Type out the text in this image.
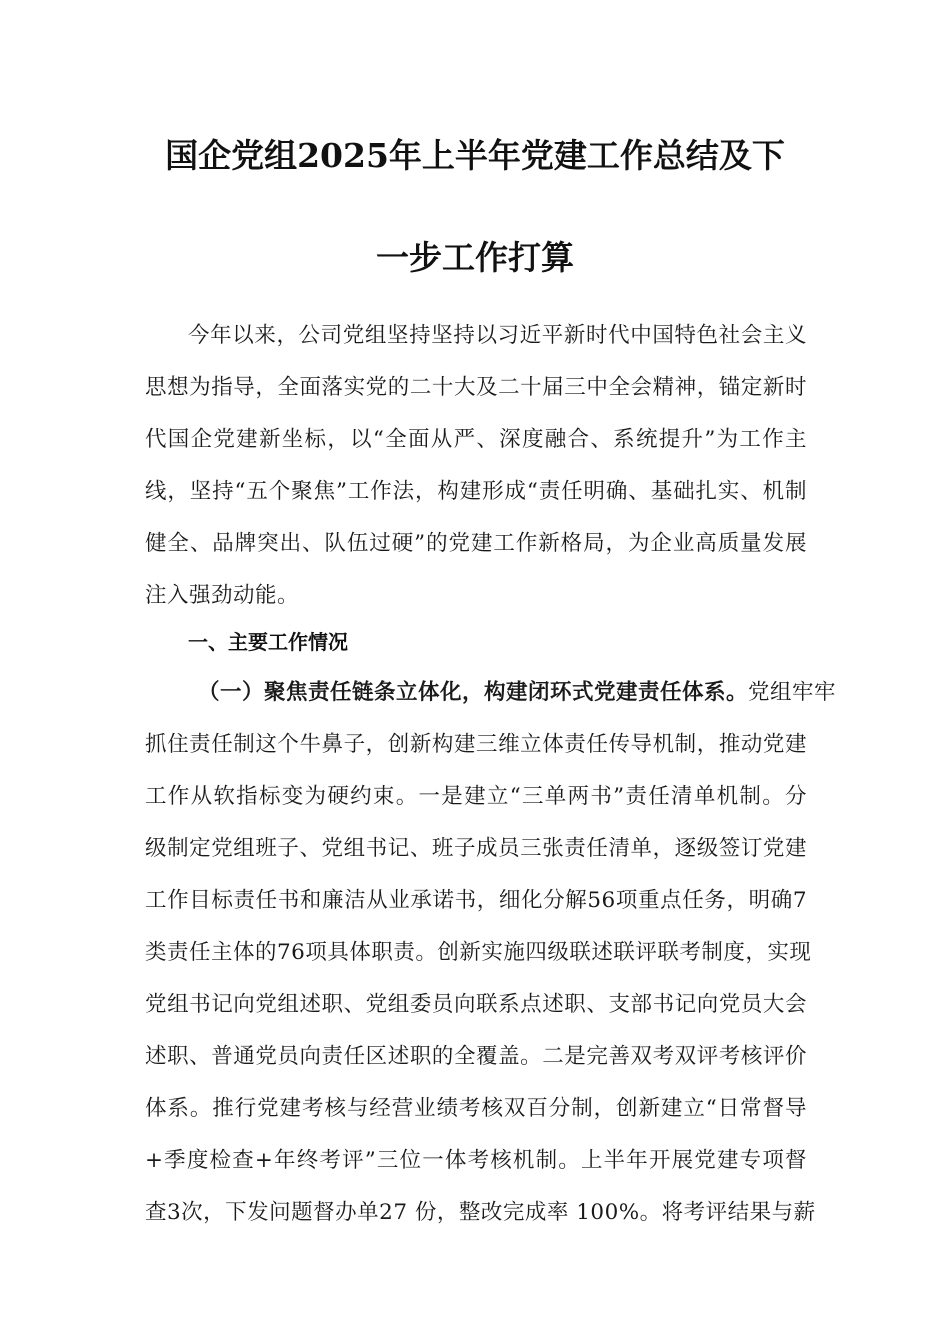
国企党组2025年上半年党建工作总结及下
一步工作打算
今年以来，公司党组坚持坚持以习近平新时代中国特色社会主义
思想为指导，全面落实党的二十大及二十届三中全会精神，锚定新时
代国企党建新坐标，以“全面从严、深度融合、系统提升”为工作主
线，坚持“五个聚焦”工作法，构建形成“责任明确、基础扎实、机制
健全、品牌突出、队伍过硬”的党建工作新格局，为企业高质量发展
注入强劲动能。
一、主要工作情况
（一）聚焦责任链条立体化，构建闭环式党建责任体系。党组牢牢
抓住责任制这个牛鼻子，创新构建三维立体责任传导机制，推动党建
工作从软指标变为硬约束。一是建立“三单两书”责任清单机制。分
级制定党组班子、党组书记、班子成员三张责任清单，逐级签订党建
工作目标责任书和廉洁从业承诺书，细化分解56项重点任务，明确7
类责任主体的76项具体职责。创新实施四级联述联评联考制度，实现
党组书记向党组述职、党组委员向联系点述职、支部书记向党员大会
述职、普通党员向责任区述职的全覆盖。二是完善双考双评考核评价
体系。推行党建考核与经营业绩考核双百分制，创新建立“日常督导
+季度检查+年终考评”三位一体考核机制。上半年开展党建专项督
查3次，下发问题督办单27 份，整改完成率 100%。将考评结果与薪
